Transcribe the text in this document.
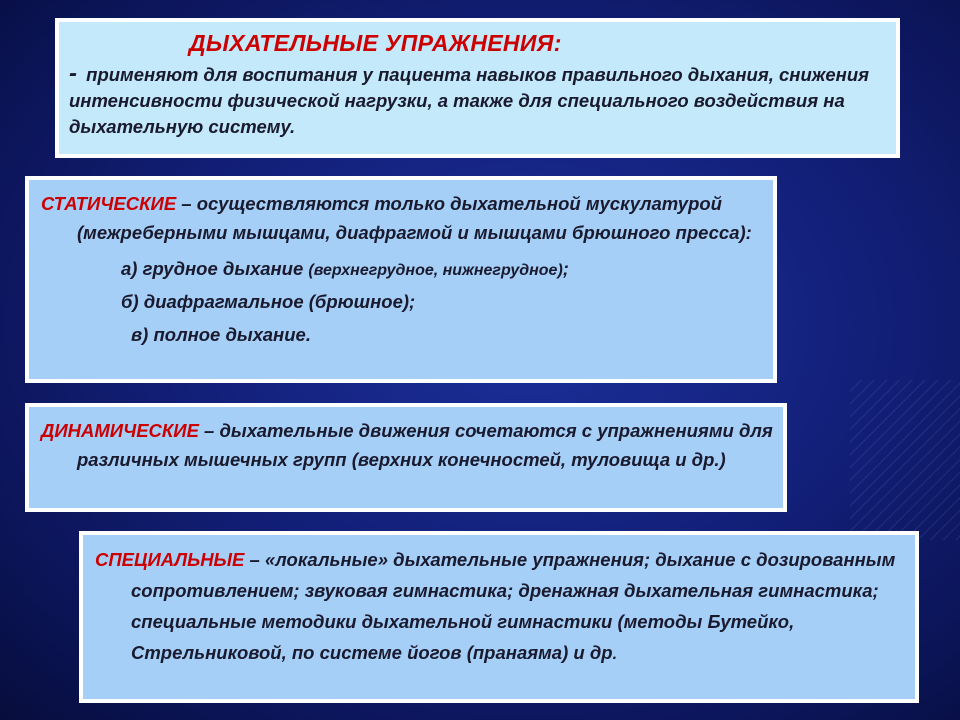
ДЫХАТЕЛЬНЫЕ УПРАЖНЕНИЯ:
- применяют для воспитания у пациента навыков правильного дыхания, снижения интенсивности физической нагрузки, а также для специального воздействия на дыхательную систему.
СТАТИЧЕСКИЕ – осуществляются только дыхательной мускулатурой (межреберными мышцами, диафрагмой и мышцами брюшного пресса):
а) грудное дыхание (верхнегрудное, нижнегрудное);
б) диафрагмальное (брюшное);
в) полное дыхание.
ДИНАМИЧЕСКИЕ – дыхательные движения сочетаются с упражнениями для различных мышечных групп (верхних конечностей, туловища и др.)
СПЕЦИАЛЬНЫЕ – «локальные» дыхательные упражнения; дыхание с дозированным сопротивлением; звуковая гимнастика; дренажная дыхательная гимнастика; специальные методики дыхательной гимнастики (методы Бутейко, Стрельниковой, по системе йогов (пранаяма) и др.
